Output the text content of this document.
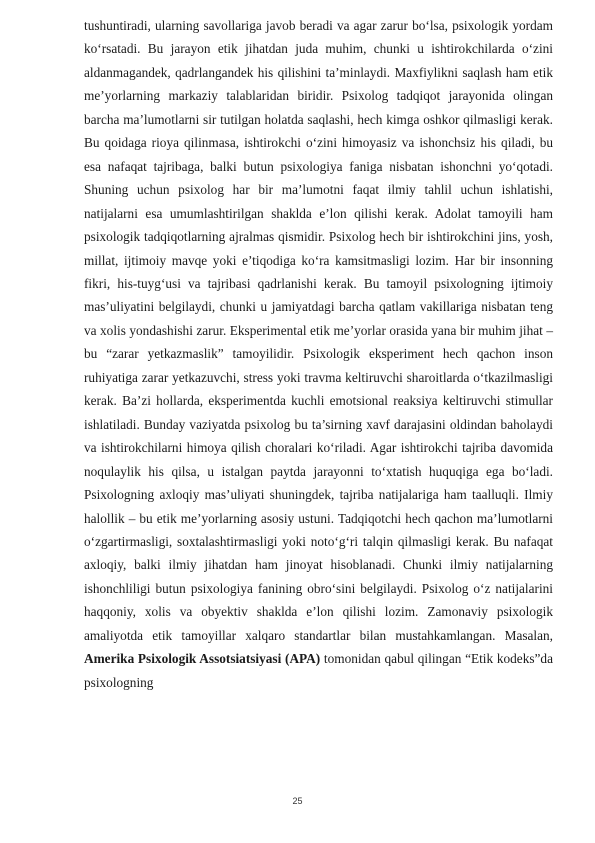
tushuntiradi, ularning savollariga javob beradi va agar zarur bo‘lsa, psixologik yordam ko‘rsatadi. Bu jarayon etik jihatdan juda muhim, chunki u ishtirokchilarda o‘zini aldanmagandek, qadrlangandek his qilishini ta’minlaydi. Maxfiylikni saqlash ham etik me’yorlarning markaziy talablaridan biridir. Psixolog tadqiqot jarayonida olingan barcha ma’lumotlarni sir tutilgan holatda saqlashi, hech kimga oshkor qilmasligi kerak. Bu qoidaga rioya qilinmasa, ishtirokchi o‘zini himoyasiz va ishonchsiz his qiladi, bu esa nafaqat tajribaga, balki butun psixologiya faniga nisbatan ishonchni yo‘qotadi. Shuning uchun psixolog har bir ma’lumotni faqat ilmiy tahlil uchun ishlatishi, natijalarni esa umumlashtirilgan shaklda e’lon qilishi kerak. Adolat tamoyili ham psixologik tadqiqotlarning ajralmas qismidir. Psixolog hech bir ishtirokchini jins, yosh, millat, ijtimoiy mavqe yoki e’tiqodiga ko‘ra kamsitmasligi lozim. Har bir insonning fikri, his-tuyg‘usi va tajribasi qadrlanishi kerak. Bu tamoyil psixologning ijtimoiy mas’uliyatini belgilaydi, chunki u jamiyatdagi barcha qatlam vakillariga nisbatan teng va xolis yondashishi zarur. Eksperimental etik me’yorlar orasida yana bir muhim jihat – bu “zarar yetkazmaslik” tamoyilidir. Psixologik eksperiment hech qachon inson ruhiyatiga zarar yetkazuvchi, stress yoki travma keltiruvchi sharoitlarda o‘tkazilmasligi kerak. Ba’zi hollarda, eksperimentda kuchli emotsional reaksiya keltiruvchi stimullar ishlatiladi. Bunday vaziyatda psixolog bu ta’sirning xavf darajasini oldindan baholaydi va ishtirokchilarni himoya qilish choralari ko‘riladi. Agar ishtirokchi tajriba davomida noqulaylik his qilsa, u istalgan paytda jarayonni to‘xtatish huquqiga ega bo‘ladi. Psixologning axloqiy mas’uliyati shuningdek, tajriba natijalariga ham taalluqli. Ilmiy halollik – bu etik me’yorlarning asosiy ustuni. Tadqiqotchi hech qachon ma’lumotlarni o‘zgartirmasligi, soxtalashtirmasligi yoki noto‘g‘ri talqin qilmasligi kerak. Bu nafaqat axloqiy, balki ilmiy jihatdan ham jinoyat hisoblanadi. Chunki ilmiy natijalarning ishonchliligi butun psixologiya fanining obro‘sini belgilaydi. Psixolog o‘z natijalarini haqqoniy, xolis va obyektiv shaklda e’lon qilishi lozim. Zamonaviy psixologik amaliyotda etik tamoyillar xalqaro standartlar bilan mustahkamlangan. Masalan, Amerika Psixologik Assotsiatsiyasi (APA) tomonidan qabul qilingan “Etik kodeks”da psixologning

25
